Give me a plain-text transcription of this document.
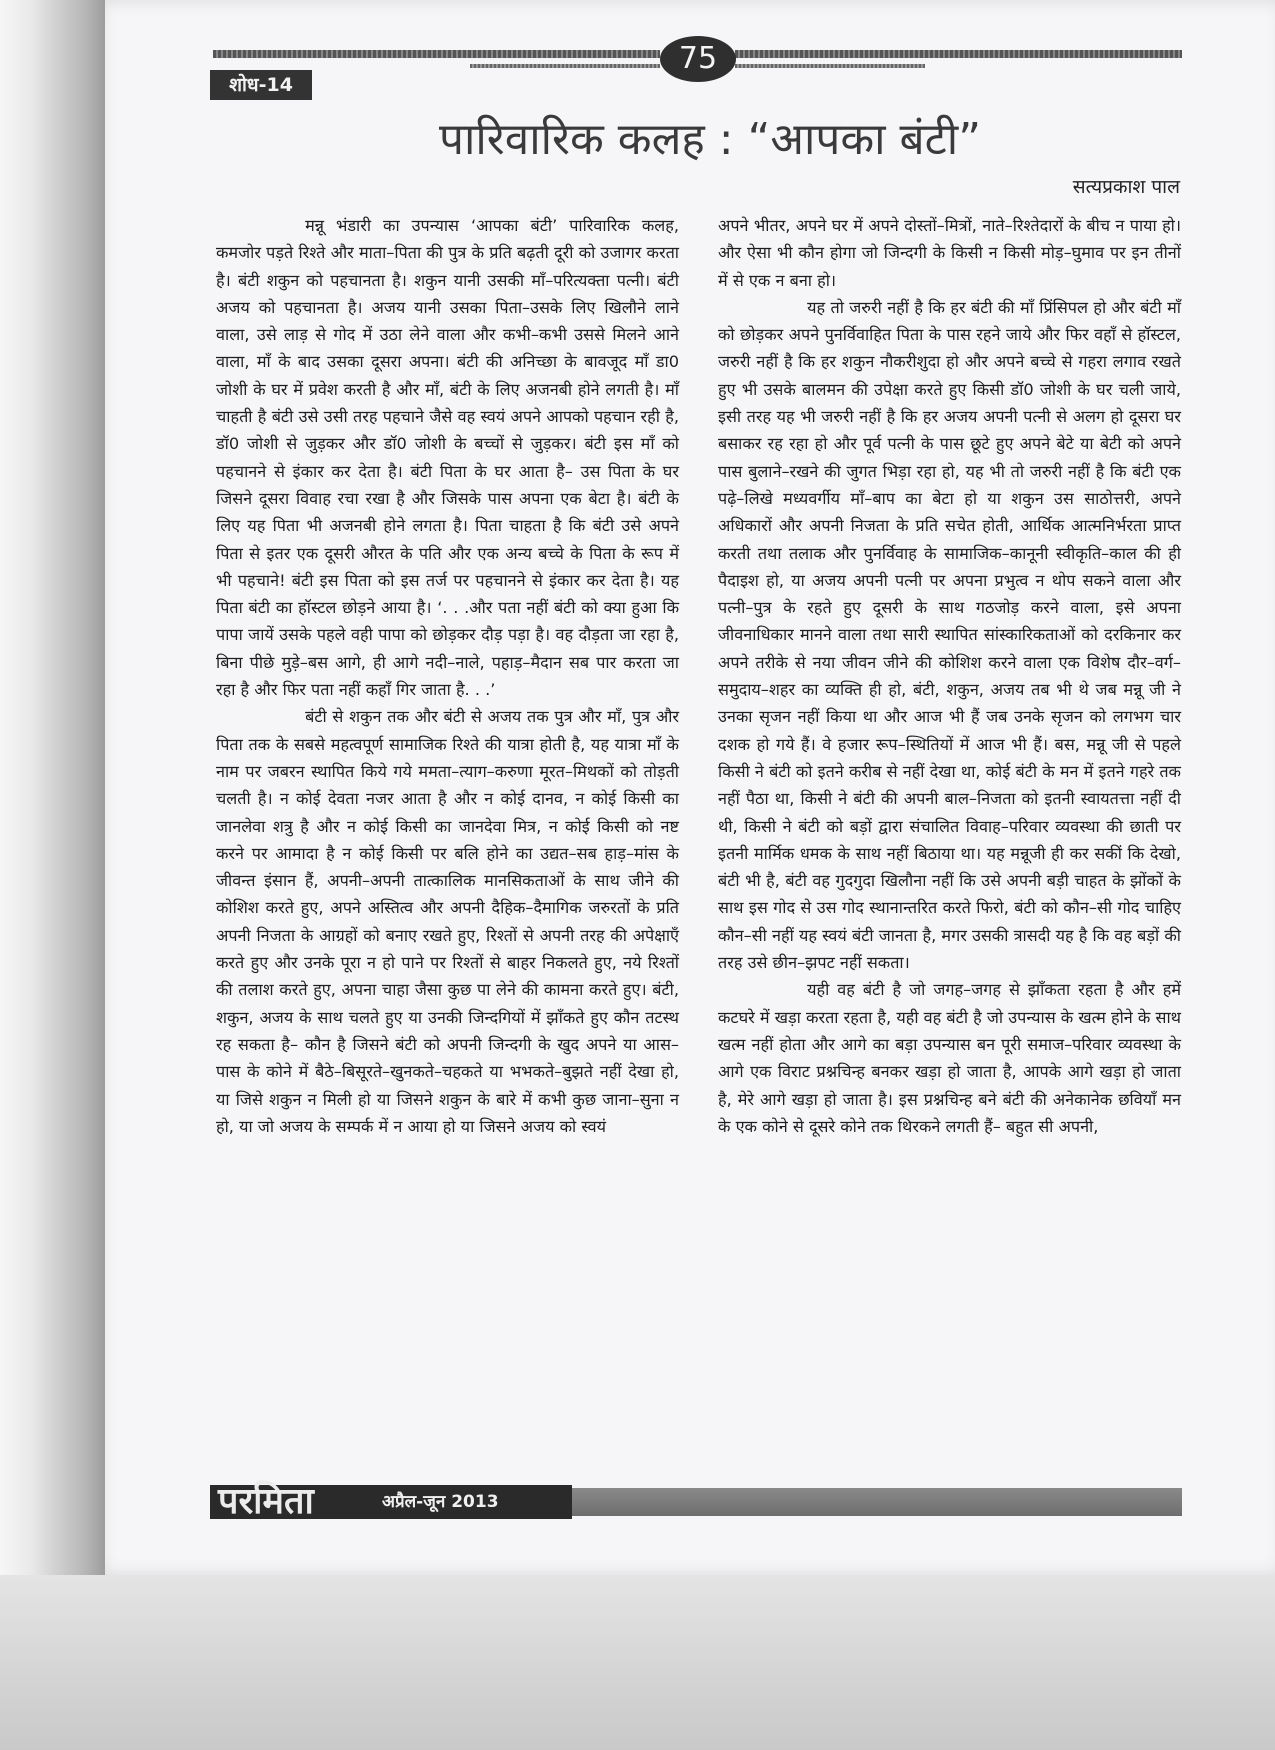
75
शोध-14
पारिवारिक कलह : “आपका बंटी”
सत्यप्रकाश पाल

मन्नू भंडारी का उपन्यास ‘आपका बंटी’ पारिवारिक कलह, कमजोर पड़ते रिश्ते और माता–पिता की पुत्र के प्रति बढ़ती दूरी को उजागर करता है। बंटी शकुन को पहचानता है। शकुन यानी उसकी माँ–परित्यक्ता पत्नी। बंटी अजय को पहचानता है। अजय यानी उसका पिता–उसके लिए खिलौने लाने वाला, उसे लाड़ से गोद में उठा लेने वाला और कभी–कभी उससे मिलने आने वाला, माँ के बाद उसका दूसरा अपना। बंटी की अनिच्छा के बावजूद माँ डा0 जोशी के घर में प्रवेश करती है और माँ, बंटी के लिए अजनबी होने लगती है। माँ चाहती है बंटी उसे उसी तरह पहचाने जैसे वह स्वयं अपने आपको पहचान रही है, डॉ0 जोशी से जुड़कर और डॉ0 जोशी के बच्चों से जुड़कर। बंटी इस माँ को पहचानने से इंकार कर देता है। बंटी पिता के घर आता है– उस पिता के घर जिसने दूसरा विवाह रचा रखा है और जिसके पास अपना एक बेटा है। बंटी के लिए यह पिता भी अजनबी होने लगता है। पिता चाहता है कि बंटी उसे अपने पिता से इतर एक दूसरी औरत के पति और एक अन्य बच्चे के पिता के रूप में भी पहचाने! बंटी इस पिता को इस तर्ज पर पहचानने से इंकार कर देता है। यह पिता बंटी का हॉस्टल छोड़ने आया है। ‘. . .और पता नहीं बंटी को क्या हुआ कि पापा जायें उसके पहले वही पापा को छोड़कर दौड़ पड़ा है। वह दौड़ता जा रहा है, बिना पीछे मुड़े–बस आगे, ही आगे नदी–नाले, पहाड़–मैदान सब पार करता जा रहा है और फिर पता नहीं कहाँ गिर जाता है. . .’

बंटी से शकुन तक और बंटी से अजय तक पुत्र और माँ, पुत्र और पिता तक के सबसे महत्वपूर्ण सामाजिक रिश्ते की यात्रा होती है, यह यात्रा माँ के नाम पर जबरन स्थापित किये गये ममता–त्याग–करुणा मूरत–मिथकों को तोड़ती चलती है। न कोई देवता नजर आता है और न कोई दानव, न कोई किसी का जानलेवा शत्रु है और न कोई किसी का जानदेवा मित्र, न कोई किसी को नष्ट करने पर आमादा है न कोई किसी पर बलि होने का उद्यत–सब हाड़–मांस के जीवन्त इंसान हैं, अपनी–अपनी तात्कालिक मानसिकताओं के साथ जीने की कोशिश करते हुए, अपने अस्तित्व और अपनी दैहिक–दैमागिक जरुरतों के प्रति अपनी निजता के आग्रहों को बनाए रखते हुए, रिश्तों से अपनी तरह की अपेक्षाएँ करते हुए और उनके पूरा न हो पाने पर रिश्तों से बाहर निकलते हुए, नये रिश्तों की तलाश करते हुए, अपना चाहा जैसा कुछ पा लेने की कामना करते हुए। बंटी, शकुन, अजय के साथ चलते हुए या उनकी जिन्दगियों में झाँकते हुए कौन तटस्थ रह सकता है– कौन है जिसने बंटी को अपनी जिन्दगी के खुद अपने या आस–पास के कोने में बैठे–बिसूरते–खुनकते–चहकते या भभकते–बुझते नहीं देखा हो, या जिसे शकुन न मिली हो या जिसने शकुन के बारे में कभी कुछ जाना–सुना न हो, या जो अजय के सम्पर्क में न आया हो या जिसने अजय को स्वयं

अपने भीतर, अपने घर में अपने दोस्तों–मित्रों, नाते–रिश्तेदारों के बीच न पाया हो। और ऐसा भी कौन होगा जो जिन्दगी के किसी न किसी मोड़–घुमाव पर इन तीनों में से एक न बना हो।

यह तो जरुरी नहीं है कि हर बंटी की माँ प्रिंसिपल हो और बंटी माँ को छोड़कर अपने पुनर्विवाहित पिता के पास रहने जाये और फिर वहाँ से हॉस्टल, जरुरी नहीं है कि हर शकुन नौकरीशुदा हो और अपने बच्चे से गहरा लगाव रखते हुए भी उसके बालमन की उपेक्षा करते हुए किसी डॉ0 जोशी के घर चली जाये, इसी तरह यह भी जरुरी नहीं है कि हर अजय अपनी पत्नी से अलग हो दूसरा घर बसाकर रह रहा हो और पूर्व पत्नी के पास छूटे हुए अपने बेटे या बेटी को अपने पास बुलाने–रखने की जुगत भिड़ा रहा हो, यह भी तो जरुरी नहीं है कि बंटी एक पढ़े–लिखे मध्यवर्गीय माँ–बाप का बेटा हो या शकुन उस साठोत्तरी, अपने अधिकारों और अपनी निजता के प्रति सचेत होती, आर्थिक आत्मनिर्भरता प्राप्त करती तथा तलाक और पुनर्विवाह के सामाजिक–कानूनी स्वीकृति–काल की ही पैदाइश हो, या अजय अपनी पत्नी पर अपना प्रभुत्व न थोप सकने वाला और पत्नी–पुत्र के रहते हुए दूसरी के साथ गठजोड़ करने वाला, इसे अपना जीवनाधिकार मानने वाला तथा सारी स्थापित सांस्कारिकताओं को दरकिनार कर अपने तरीके से नया जीवन जीने की कोशिश करने वाला एक विशेष दौर–वर्ग–समुदाय–शहर का व्यक्ति ही हो, बंटी, शकुन, अजय तब भी थे जब मन्नू जी ने उनका सृजन नहीं किया था और आज भी हैं जब उनके सृजन को लगभग चार दशक हो गये हैं। वे हजार रूप–स्थितियों में आज भी हैं। बस, मन्नू जी से पहले किसी ने बंटी को इतने करीब से नहीं देखा था, कोई बंटी के मन में इतने गहरे तक नहीं पैठा था, किसी ने बंटी की अपनी बाल–निजता को इतनी स्वायतत्ता नहीं दी थी, किसी ने बंटी को बड़ों द्वारा संचालित विवाह–परिवार व्यवस्था की छाती पर इतनी मार्मिक धमक के साथ नहीं बिठाया था। यह मन्नूजी ही कर सकीं कि देखो, बंटी भी है, बंटी वह गुदगुदा खिलौना नहीं कि उसे अपनी बड़ी चाहत के झोंकों के साथ इस गोद से उस गोद स्थानान्तरित करते फिरो, बंटी को कौन–सी गोद चाहिए कौन–सी नहीं यह स्वयं बंटी जानता है, मगर उसकी त्रासदी यह है कि वह बड़ों की तरह उसे छीन–झपट नहीं सकता।

यही वह बंटी है जो जगह–जगह से झाँकता रहता है और हमें कटघरे में खड़ा करता रहता है, यही वह बंटी है जो उपन्यास के खत्म होने के साथ खत्म नहीं होता और आगे का बड़ा उपन्यास बन पूरी समाज–परिवार व्यवस्था के आगे एक विराट प्रश्नचिन्ह बनकर खड़ा हो जाता है, आपके आगे खड़ा हो जाता है, मेरे आगे खड़ा हो जाता है। इस प्रश्नचिन्ह बने बंटी की अनेकानेक छवियाँ मन के एक कोने से दूसरे कोने तक थिरकने लगती हैं– बहुत सी अपनी,

परमिता	अप्रैल-जून 2013
